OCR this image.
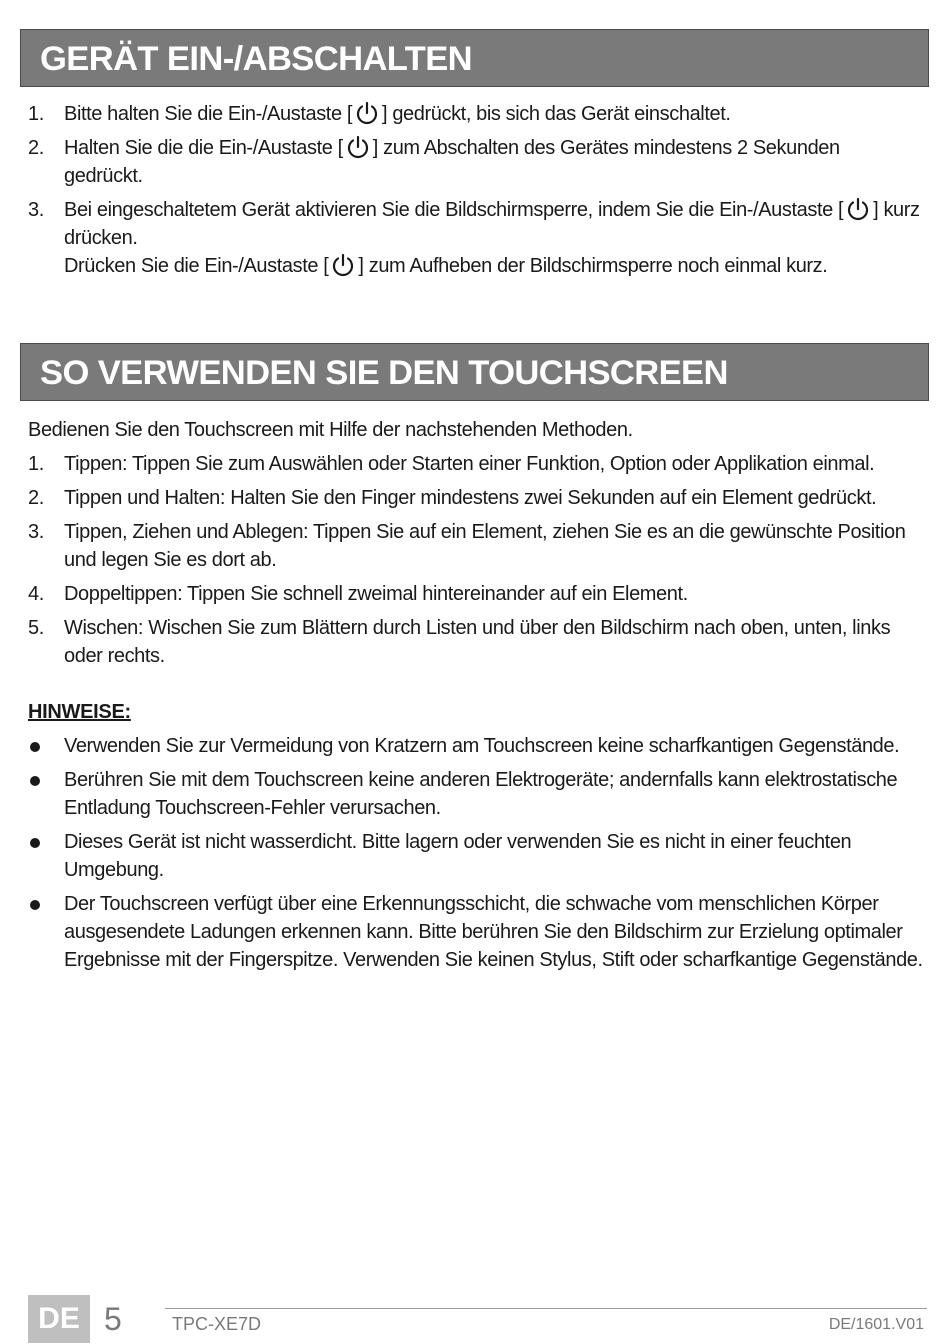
GERÄT EIN-/ABSCHALTEN
1. Bitte halten Sie die Ein-/Austaste [ ] gedrückt, bis sich das Gerät einschaltet.
2. Halten Sie die die Ein-/Austaste [ ] zum Abschalten des Gerätes mindestens 2 Sekunden gedrückt.
3. Bei eingeschaltetem Gerät aktivieren Sie die Bildschirmsperre, indem Sie die Ein-/Austaste [ ] kurz drücken.
Drücken Sie die Ein-/Austaste [ ] zum Aufheben der Bildschirmsperre noch einmal kurz.
SO VERWENDEN SIE DEN TOUCHSCREEN
Bedienen Sie den Touchscreen mit Hilfe der nachstehenden Methoden.
1. Tippen: Tippen Sie zum Auswählen oder Starten einer Funktion, Option oder Applikation einmal.
2. Tippen und Halten: Halten Sie den Finger mindestens zwei Sekunden auf ein Element gedrückt.
3. Tippen, Ziehen und Ablegen: Tippen Sie auf ein Element, ziehen Sie es an die gewünschte Position und legen Sie es dort ab.
4. Doppeltippen: Tippen Sie schnell zweimal hintereinander auf ein Element.
5. Wischen: Wischen Sie zum Blättern durch Listen und über den Bildschirm nach oben, unten, links oder rechts.
HINWEISE:
Verwenden Sie zur Vermeidung von Kratzern am Touchscreen keine scharfkantigen Gegenstände.
Berühren Sie mit dem Touchscreen keine anderen Elektrogeräte; andernfalls kann elektrostatische Entladung Touchscreen-Fehler verursachen.
Dieses Gerät ist nicht wasserdicht. Bitte lagern oder verwenden Sie es nicht in einer feuchten Umgebung.
Der Touchscreen verfügt über eine Erkennungsschicht, die schwache vom menschlichen Körper ausgesendete Ladungen erkennen kann. Bitte berühren Sie den Bildschirm zur Erzielung optimaler Ergebnisse mit der Fingerspitze. Verwenden Sie keinen Stylus, Stift oder scharfkantige Gegenstände.
DE 5	TPC-XE7D	DE/1601.V01
